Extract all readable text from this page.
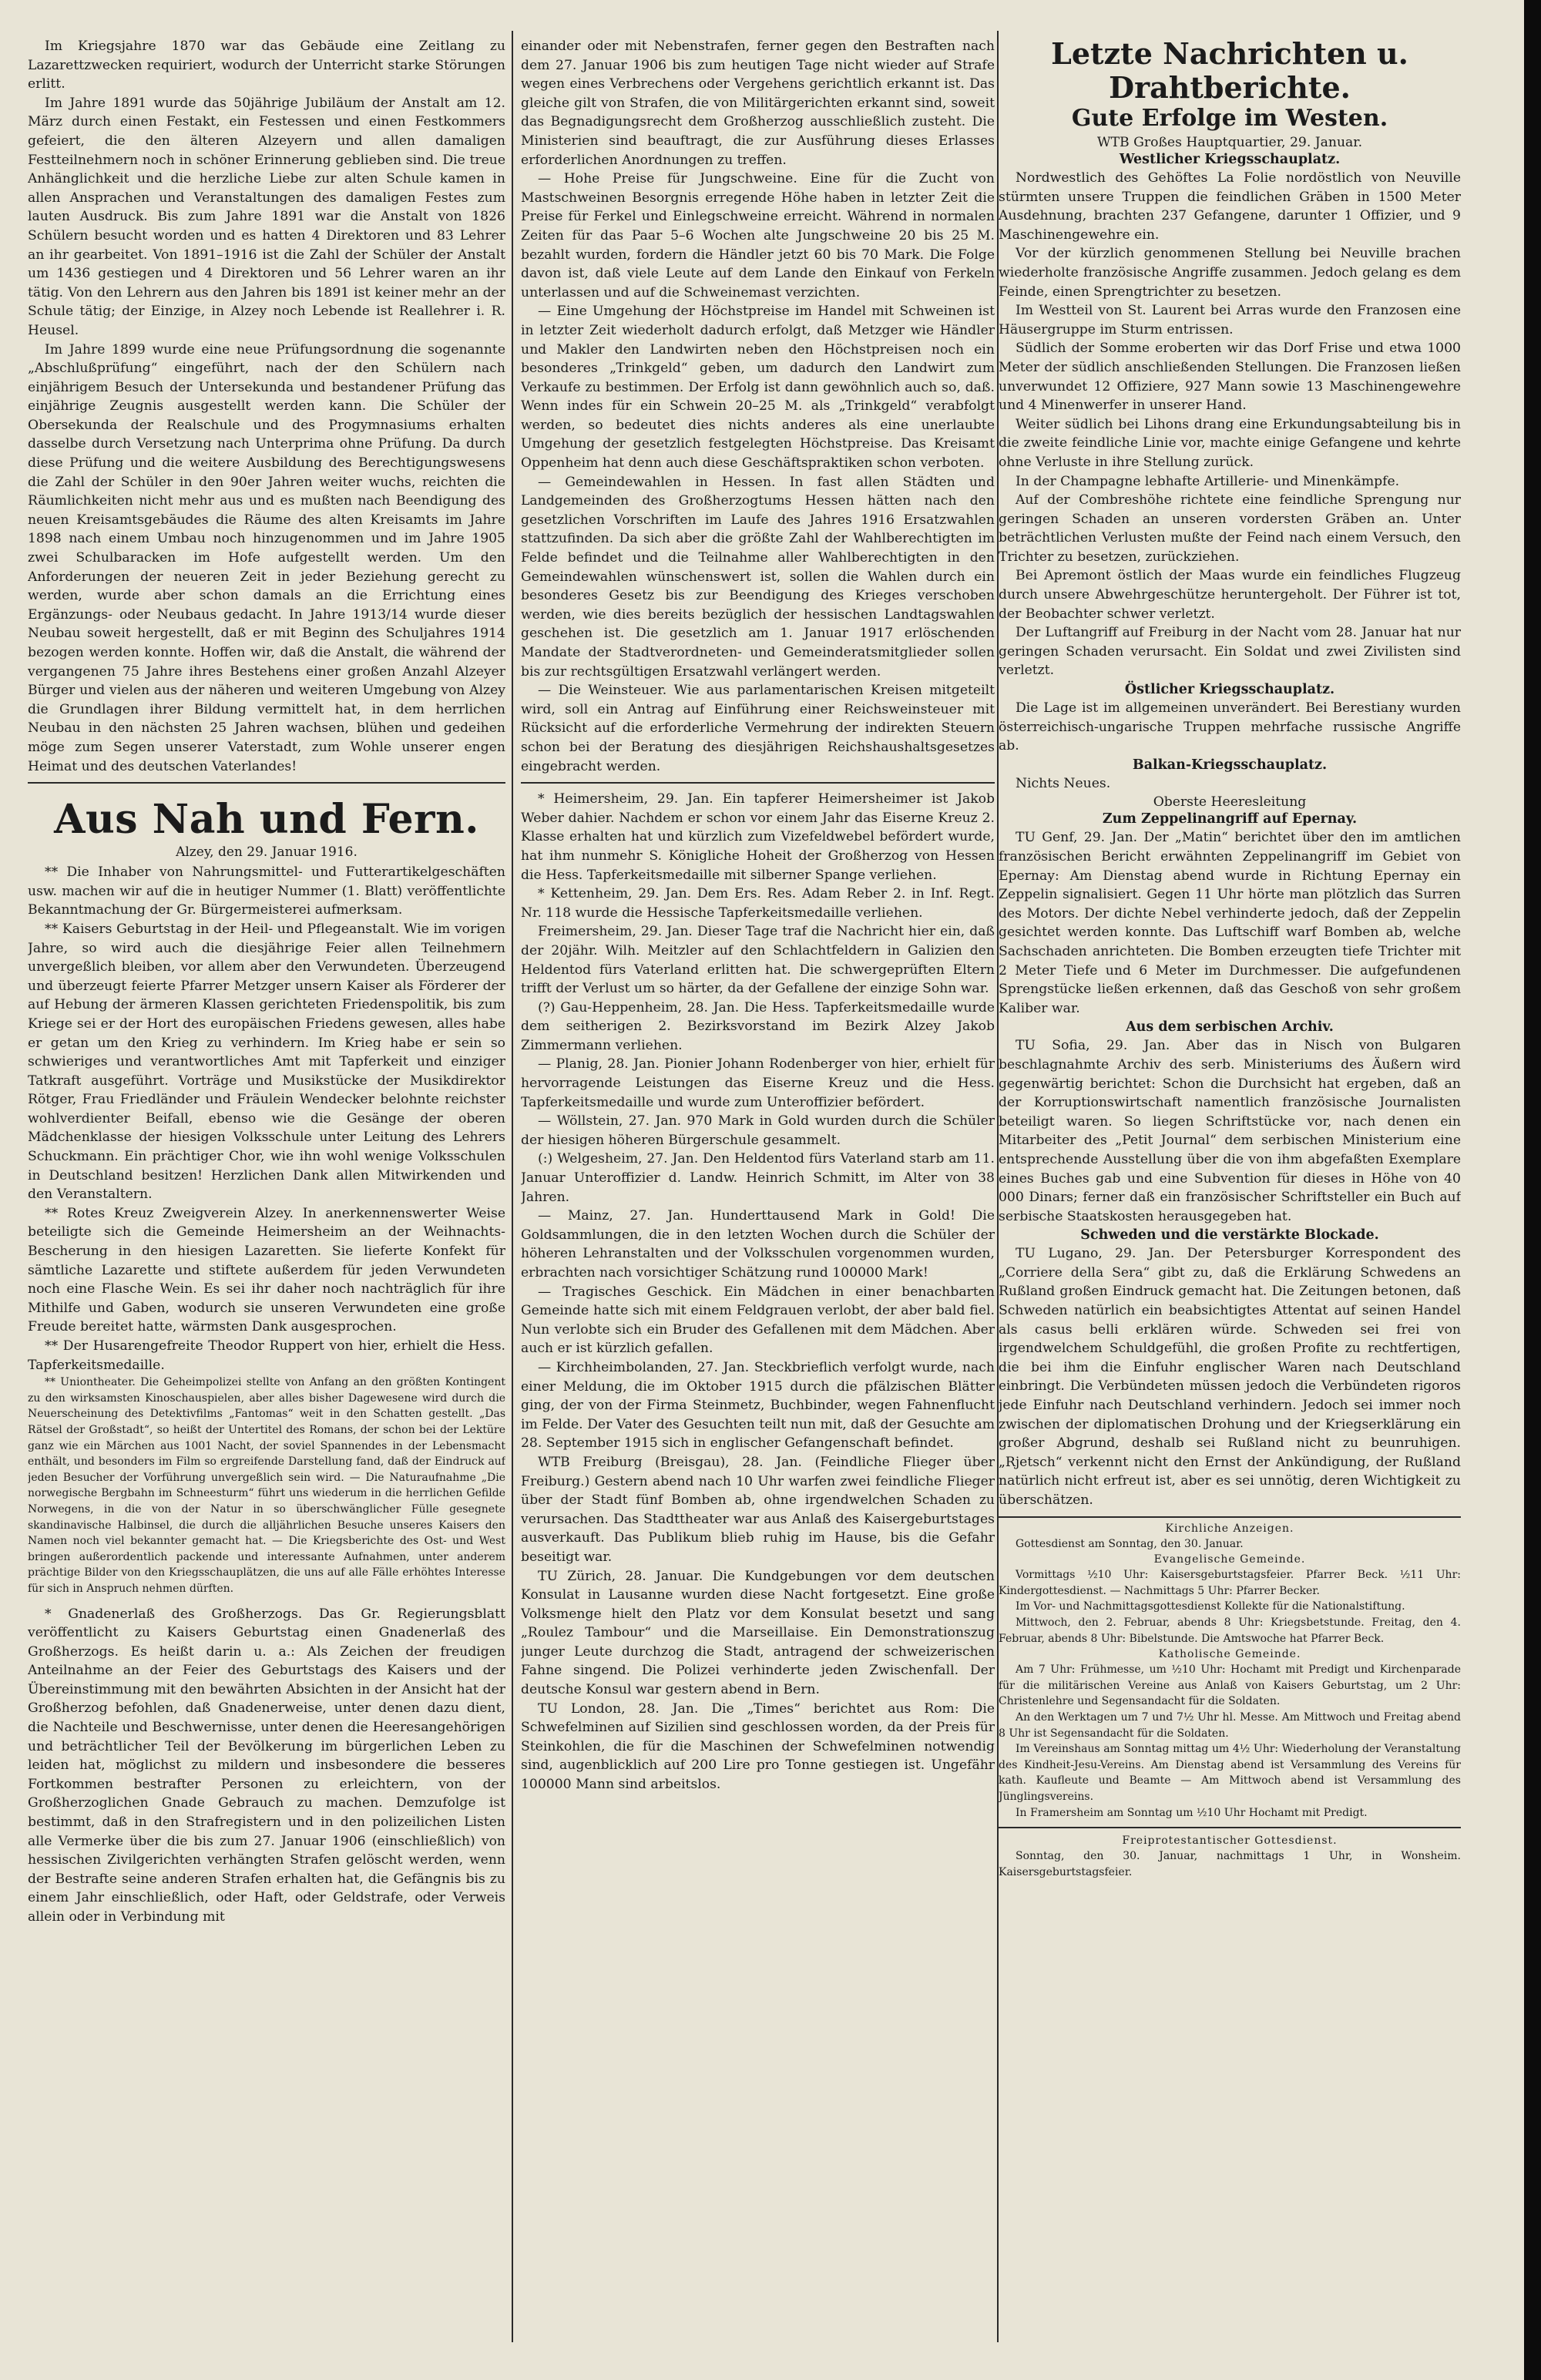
Im Kriegsjahre 1870 war das Gebäude eine Zeitlang zu Lazarettzwecken requiriert, wodurch der Unterricht starke Störungen erlitt.

Im Jahre 1891 wurde das 50jährige Jubiläum der Anstalt am 12. März durch einen Festakt, ein Festessen und einen Festkommers gefeiert, die den älteren Alzeyern und allen damaligen Festteilnehmern noch in schöner Erinnerung geblieben sind. Die treue Anhänglichkeit und die herzliche Liebe zur alten Schule kamen in allen Ansprachen und Veranstaltungen des damaligen Festes zum lauten Ausdruck. Bis zum Jahre 1891 war die Anstalt von 1826 Schülern besucht worden und es hatten 4 Direktoren und 83 Lehrer an ihr gearbeitet. Von 1891–1916 ist die Zahl der Schüler der Anstalt um 1436 gestiegen und 4 Direktoren und 56 Lehrer waren an ihr tätig. Von den Lehrern aus den Jahren bis 1891 ist keiner mehr an der Schule tätig; der Einzige, in Alzey noch Lebende ist Reallehrer i. R. Heusel.

Im Jahre 1899 wurde eine neue Prüfungsordnung die sogenannte „Abschlußprüfung“ eingeführt, nach der den Schülern nach einjährigem Besuch der Untersekunda und bestandener Prüfung das einjährige Zeugnis ausgestellt werden kann. Die Schüler der Obersekunda der Realschule und des Progymnasiums erhalten dasselbe durch Versetzung nach Unterprima ohne Prüfung. Da durch diese Prüfung und die weitere Ausbildung des Berechtigungswesens die Zahl der Schüler in den 90er Jahren weiter wuchs, reichten die Räumlichkeiten nicht mehr aus und es mußten nach Beendigung des neuen Kreisamtsgebäudes die Räume des alten Kreisamts im Jahre 1898 nach einem Umbau noch hinzugenommen und im Jahre 1905 zwei Schulbaracken im Hofe aufgestellt werden. Um den Anforderungen der neueren Zeit in jeder Beziehung gerecht zu werden, wurde aber schon damals an die Errichtung eines Ergänzungs- oder Neubaus gedacht. In Jahre 1913/14 wurde dieser Neubau soweit hergestellt, daß er mit Beginn des Schuljahres 1914 bezogen werden konnte. Hoffen wir, daß die Anstalt, die während der vergangenen 75 Jahre ihres Bestehens einer großen Anzahl Alzeyer Bürger und vielen aus der näheren und weiteren Umgebung von Alzey die Grundlagen ihrer Bildung vermittelt hat, in dem herrlichen Neubau in den nächsten 25 Jahren wachsen, blühen und gedeihen möge zum Segen unserer Vaterstadt, zum Wohle unserer engen Heimat und des deutschen Vaterlandes!

Aus Nah und Fern.
Alzey, den 29. Januar 1916.

** Die Inhaber von Nahrungsmittel- und Futterartikelgeschäften usw. machen wir auf die in heutiger Nummer (1. Blatt) veröffentlichte Bekanntmachung der Gr. Bürgermeisterei aufmerksam.

** Kaisers Geburtstag in der Heil- und Pflegeanstalt. Wie im vorigen Jahre, so wird auch die diesjährige Feier allen Teilnehmern unvergeßlich bleiben, vor allem aber den Verwundeten. Überzeugend und überzeugt feierte Pfarrer Metzger unsern Kaiser als Förderer der auf Hebung der ärmeren Klassen gerichteten Friedenspolitik, bis zum Kriege sei er der Hort des europäischen Friedens gewesen, alles habe er getan um den Krieg zu verhindern. Im Krieg habe er sein so schwieriges und verantwortliches Amt mit Tapferkeit und einziger Tatkraft ausgeführt. Vorträge und Musikstücke der Musikdirektor Rötger, Frau Friedländer und Fräulein Wendecker belohnte reichster wohlverdienter Beifall, ebenso wie die Gesänge der oberen Mädchenklasse der hiesigen Volksschule unter Leitung des Lehrers Schuckmann. Ein prächtiger Chor, wie ihn wohl wenige Volksschulen in Deutschland besitzen! Herzlichen Dank allen Mitwirkenden und den Veranstaltern.

** Rotes Kreuz Zweigverein Alzey. In anerkennenswerter Weise beteiligte sich die Gemeinde Heimersheim an der Weihnachts-Bescherung in den hiesigen Lazaretten. Sie lieferte Konfekt für sämtliche Lazarette und stiftete außerdem für jeden Verwundeten noch eine Flasche Wein. Es sei ihr daher noch nachträglich für ihre Mithilfe und Gaben, wodurch sie unseren Verwundeten eine große Freude bereitet hatte, wärmsten Dank ausgesprochen.

** Der Husarengefreite Theodor Ruppert von hier, erhielt die Hess. Tapferkeitsmedaille.

** Uniontheater. Die Geheimpolizei stellte von Anfang an den größten Kontingent zu den wirksamsten Kinoschauspielen, aber alles bisher Dagewesene wird durch die Neuerscheinung des Detektivfilms „Fantomas“ weit in den Schatten gestellt. „Das Rätsel der Großstadt“, so heißt der Untertitel des Romans, der schon bei der Lektüre ganz wie ein Märchen aus 1001 Nacht, der soviel Spannendes in der Lebensmacht enthält, und besonders im Film so ergreifende Darstellung fand, daß der Eindruck auf jeden Besucher der Vorführung unvergeßlich sein wird. — Die Naturaufnahme „Die norwegische Bergbahn im Schneesturm“ führt uns wiederum in die herrlichen Gefilde Norwegens, in die von der Natur in so überschwänglicher Fülle gesegnete skandinavische Halbinsel, die durch die alljährlichen Besuche unseres Kaisers den Namen noch viel bekannter gemacht hat. — Die Kriegsberichte des Ost- und West bringen außerordentlich packende und interessante Aufnahmen, unter anderem prächtige Bilder von den Kriegsschauplätzen, die uns auf alle Fälle erhöhtes Interesse für sich in Anspruch nehmen dürften.

* Gnadenerlaß des Großherzogs. Das Gr. Regierungsblatt veröffentlicht zu Kaisers Geburtstag einen Gnadenerlaß des Großherzogs. Es heißt darin u. a.: Als Zeichen der freudigen Anteilnahme an der Feier des Geburtstags des Kaisers und der Übereinstimmung mit den bewährten Absichten in der Ansicht hat der Großherzog befohlen, daß Gnadenerweise, unter denen dazu dient, die Nachteile und Beschwernisse, unter denen die Heeresangehörigen und beträchtlicher Teil der Bevölkerung im bürgerlichen Leben zu leiden hat, möglichst zu mildern und insbesondere die besseres Fortkommen bestrafter Personen zu erleichtern, von der Großherzoglichen Gnade Gebrauch zu machen. Demzufolge ist bestimmt, daß in den Strafregistern und in den polizeilichen Listen alle Vermerke über die bis zum 27. Januar 1906 (einschließlich) von hessischen Zivilgerichten verhängten Strafen gelöscht werden, wenn der Bestrafte seine anderen Strafen erhalten hat, die Gefängnis bis zu einem Jahr einschließlich, oder Haft, oder Geldstrafe, oder Verweis allein oder in Verbindung mit

einander oder mit Nebenstrafen, ferner gegen den Bestraften nach dem 27. Januar 1906 bis zum heutigen Tage nicht wieder auf Strafe wegen eines Verbrechens oder Vergehens gerichtlich erkannt ist. Das gleiche gilt von Strafen, die von Militärgerichten erkannt sind, soweit das Begnadigungsrecht dem Großherzog ausschließlich zusteht. Die Ministerien sind beauftragt, die zur Ausführung dieses Erlasses erforderlichen Anordnungen zu treffen.

— Hohe Preise für Jungschweine. Eine für die Zucht von Mastschweinen Besorgnis erregende Höhe haben in letzter Zeit die Preise für Ferkel und Einlegschweine erreicht. Während in normalen Zeiten für das Paar 5–6 Wochen alte Jungschweine 20 bis 25 M. bezahlt wurden, fordern die Händler jetzt 60 bis 70 Mark. Die Folge davon ist, daß viele Leute auf dem Lande den Einkauf von Ferkeln unterlassen und auf die Schweinemast verzichten.

— Eine Umgehung der Höchstpreise im Handel mit Schweinen ist in letzter Zeit wiederholt dadurch erfolgt, daß Metzger wie Händler und Makler den Landwirten neben den Höchstpreisen noch ein besonderes „Trinkgeld“ geben, um dadurch den Landwirt zum Verkaufe zu bestimmen. Der Erfolg ist dann gewöhnlich auch so, daß. Wenn indes für ein Schwein 20–25 M. als „Trinkgeld“ verabfolgt werden, so bedeutet dies nichts anderes als eine unerlaubte Umgehung der gesetzlich festgelegten Höchstpreise. Das Kreisamt Oppenheim hat denn auch diese Geschäftspraktiken schon verboten.

— Gemeindewahlen in Hessen. In fast allen Städten und Landgemeinden des Großherzogtums Hessen hätten nach den gesetzlichen Vorschriften im Laufe des Jahres 1916 Ersatzwahlen stattzufinden. Da sich aber die größte Zahl der Wahlberechtigten im Felde befindet und die Teilnahme aller Wahlberechtigten in den Gemeindewahlen wünschenswert ist, sollen die Wahlen durch ein besonderes Gesetz bis zur Beendigung des Krieges verschoben werden, wie dies bereits bezüglich der hessischen Landtagswahlen geschehen ist. Die gesetzlich am 1. Januar 1917 erlöschenden Mandate der Stadtverordneten- und Gemeinderatsmitglieder sollen bis zur rechtsgültigen Ersatzwahl verlängert werden.

— Die Weinsteuer. Wie aus parlamentarischen Kreisen mitgeteilt wird, soll ein Antrag auf Einführung einer Reichsweinsteuer mit Rücksicht auf die erforderliche Vermehrung der indirekten Steuern schon bei der Beratung des diesjährigen Reichshaushaltsgesetzes eingebracht werden.

* Heimersheim, 29. Jan. Ein tapferer Heimersheimer ist Jakob Weber dahier. Nachdem er schon vor einem Jahr das Eiserne Kreuz 2. Klasse erhalten hat und kürzlich zum Vizefeldwebel befördert wurde, hat ihm nunmehr S. Königliche Hoheit der Großherzog von Hessen die Hess. Tapferkeitsmedaille mit silberner Spange verliehen.

* Kettenheim, 29. Jan. Dem Ers. Res. Adam Reber 2. in Inf. Regt. Nr. 118 wurde die Hessische Tapferkeitsmedaille verliehen.

Freimersheim, 29. Jan. Dieser Tage traf die Nachricht hier ein, daß der 20jähr. Wilh. Meitzler auf den Schlachtfeldern in Galizien den Heldentod fürs Vaterland erlitten hat. Die schwergeprüften Eltern trifft der Verlust um so härter, da der Gefallene der einzige Sohn war.

(?) Gau-Heppenheim, 28. Jan. Die Hess. Tapferkeitsmedaille wurde dem seitherigen 2. Bezirksvorstand im Bezirk Alzey Jakob Zimmermann verliehen.

— Planig, 28. Jan. Pionier Johann Rodenberger von hier, erhielt für hervorragende Leistungen das Eiserne Kreuz und die Hess. Tapferkeitsmedaille und wurde zum Unteroffizier befördert.

— Wöllstein, 27. Jan. 970 Mark in Gold wurden durch die Schüler der hiesigen höheren Bürgerschule gesammelt.

(:) Welgesheim, 27. Jan. Den Heldentod fürs Vaterland starb am 11. Januar Unteroffizier d. Landw. Heinrich Schmitt, im Alter von 38 Jahren.

— Mainz, 27. Jan. Hunderttausend Mark in Gold! Die Goldsammlungen, die in den letzten Wochen durch die Schüler der höheren Lehranstalten und der Volksschulen vorgenommen wurden, erbrachten nach vorsichtiger Schätzung rund 100000 Mark!

— Tragisches Geschick. Ein Mädchen in einer benachbarten Gemeinde hatte sich mit einem Feldgrauen verlobt, der aber bald fiel. Nun verlobte sich ein Bruder des Gefallenen mit dem Mädchen. Aber auch er ist kürzlich gefallen.

— Kirchheimbolanden, 27. Jan. Steckbrieflich verfolgt wurde, nach einer Meldung, die im Oktober 1915 durch die pfälzischen Blätter ging, der von der Firma Steinmetz, Buchbinder, wegen Fahnenflucht im Felde. Der Vater des Gesuchten teilt nun mit, daß der Gesuchte am 28. September 1915 sich in englischer Gefangenschaft befindet.

WTB Freiburg (Breisgau), 28. Jan. (Feindliche Flieger über Freiburg.) Gestern abend nach 10 Uhr warfen zwei feindliche Flieger über der Stadt fünf Bomben ab, ohne irgendwelchen Schaden zu verursachen. Das Stadttheater war aus Anlaß des Kaisergeburtstages ausverkauft. Das Publikum blieb ruhig im Hause, bis die Gefahr beseitigt war.

TU Zürich, 28. Januar. Die Kundgebungen vor dem deutschen Konsulat in Lausanne wurden diese Nacht fortgesetzt. Eine große Volksmenge hielt den Platz vor dem Konsulat besetzt und sang „Roulez Tambour“ und die Marseillaise. Ein Demonstrationszug junger Leute durchzog die Stadt, antragend der schweizerischen Fahne singend. Die Polizei verhinderte jeden Zwischenfall. Der deutsche Konsul war gestern abend in Bern.

TU London, 28. Jan. Die „Times“ berichtet aus Rom: Die Schwefelminen auf Sizilien sind geschlossen worden, da der Preis für Steinkohlen, die für die Maschinen der Schwefelminen notwendig sind, augenblicklich auf 200 Lire pro Tonne gestiegen ist. Ungefähr 100000 Mann sind arbeitslos.

Letzte Nachrichten u. Drahtberichte.
Gute Erfolge im Westen.
WTB Großes Hauptquartier, 29. Januar.
Westlicher Kriegsschauplatz.

Nordwestlich des Gehöftes La Folie nordöstlich von Neuville stürmten unsere Truppen die feindlichen Gräben in 1500 Meter Ausdehnung, brachten 237 Gefangene, darunter 1 Offizier, und 9 Maschinengewehre ein.

Vor der kürzlich genommenen Stellung bei Neuville brachen wiederholte französische Angriffe zusammen. Jedoch gelang es dem Feinde, einen Sprengtrichter zu besetzen.

Im Westteil von St. Laurent bei Arras wurde den Franzosen eine Häusergruppe im Sturm entrissen.

Südlich der Somme eroberten wir das Dorf Frise und etwa 1000 Meter der südlich anschließenden Stellungen. Die Franzosen ließen unverwundet 12 Offiziere, 927 Mann sowie 13 Maschinengewehre und 4 Minenwerfer in unserer Hand.

Weiter südlich bei Lihons drang eine Erkundungsabteilung bis in die zweite feindliche Linie vor, machte einige Gefangene und kehrte ohne Verluste in ihre Stellung zurück.

In der Champagne lebhafte Artillerie- und Minenkämpfe.

Auf der Combreshöhe richtete eine feindliche Sprengung nur geringen Schaden an unseren vordersten Gräben an. Unter beträchtlichen Verlusten mußte der Feind nach einem Versuch, den Trichter zu besetzen, zurückziehen.

Bei Apremont östlich der Maas wurde ein feindliches Flugzeug durch unsere Abwehrgeschütze heruntergeholt. Der Führer ist tot, der Beobachter schwer verletzt.

Der Luftangriff auf Freiburg in der Nacht vom 28. Januar hat nur geringen Schaden verursacht. Ein Soldat und zwei Zivilisten sind verletzt.

Östlicher Kriegsschauplatz.

Die Lage ist im allgemeinen unverändert. Bei Berestiany wurden österreichisch-ungarische Truppen mehrfache russische Angriffe ab.

Balkan-Kriegsschauplatz.

Nichts Neues.

Oberste Heeresleitung
Zum Zeppelinangriff auf Epernay.

TU Genf, 29. Jan. Der „Matin“ berichtet über den im amtlichen französischen Bericht erwähnten Zeppelinangriff im Gebiet von Epernay: Am Dienstag abend wurde in Richtung Epernay ein Zeppelin signalisiert. Gegen 11 Uhr hörte man plötzlich das Surren des Motors. Der dichte Nebel verhinderte jedoch, daß der Zeppelin gesichtet werden konnte. Das Luftschiff warf Bomben ab, welche Sachschaden anrichteten. Die Bomben erzeugten tiefe Trichter mit 2 Meter Tiefe und 6 Meter im Durchmesser. Die aufgefundenen Sprengstücke ließen erkennen, daß das Geschoß von sehr großem Kaliber war.

Aus dem serbischen Archiv.

TU Sofia, 29. Jan. Aber das in Nisch von Bulgaren beschlagnahmte Archiv des serb. Ministeriums des Äußern wird gegenwärtig berichtet: Schon die Durchsicht hat ergeben, daß an der Korruptionswirtschaft namentlich französische Journalisten beteiligt waren. So liegen Schriftstücke vor, nach denen ein Mitarbeiter des „Petit Journal“ dem serbischen Ministerium eine entsprechende Ausstellung über die von ihm abgefaßten Exemplare eines Buches gab und eine Subvention für dieses in Höhe von 40 000 Dinars; ferner daß ein französischer Schriftsteller ein Buch auf serbische Staatskosten herausgegeben hat.

Schweden und die verstärkte Blockade.

TU Lugano, 29. Jan. Der Petersburger Korrespondent des „Corriere della Sera“ gibt zu, daß die Erklärung Schwedens an Rußland großen Eindruck gemacht hat. Die Zeitungen betonen, daß Schweden natürlich ein beabsichtigtes Attentat auf seinen Handel als casus belli erklären würde. Schweden sei frei von irgendwelchem Schuldgefühl, die großen Profite zu rechtfertigen, die bei ihm die Einfuhr englischer Waren nach Deutschland einbringt. Die Verbündeten müssen jedoch die Verbündeten rigoros jede Einfuhr nach Deutschland verhindern. Jedoch sei immer noch zwischen der diplomatischen Drohung und der Kriegserklärung ein großer Abgrund, deshalb sei Rußland nicht zu beunruhigen. „Rjetsch“ verkennt nicht den Ernst der Ankündigung, der Rußland natürlich nicht erfreut ist, aber es sei unnötig, deren Wichtigkeit zu überschätzen.

Kirchliche Anzeigen.

Gottesdienst am Sonntag, den 30. Januar.

Evangelische Gemeinde.

Vormittags ½10 Uhr: Kaisersgeburtstagsfeier. Pfarrer Beck. ½11 Uhr: Kindergottesdienst. — Nachmittags 5 Uhr: Pfarrer Becker.

Im Vor- und Nachmittagsgottesdienst Kollekte für die Nationalstiftung.

Mittwoch, den 2. Februar, abends 8 Uhr: Kriegsbetstunde. Freitag, den 4. Februar, abends 8 Uhr: Bibelstunde. Die Amtswoche hat Pfarrer Beck.

Katholische Gemeinde.

Am 7 Uhr: Frühmesse, um ½10 Uhr: Hochamt mit Predigt und Kirchenparade für die militärischen Vereine aus Anlaß von Kaisers Geburtstag, um 2 Uhr: Christenlehre und Segensandacht für die Soldaten.

An den Werktagen um 7 und 7½ Uhr hl. Messe. Am Mittwoch und Freitag abend 8 Uhr ist Segensandacht für die Soldaten.

Im Vereinshaus am Sonntag mittag um 4½ Uhr: Wiederholung der Veranstaltung des Kindheit-Jesu-Vereins. Am Dienstag abend ist Versammlung des Vereins für kath. Kaufleute und Beamte — Am Mittwoch abend ist Versammlung des Jünglingsvereins.

In Framersheim am Sonntag um ½10 Uhr Hochamt mit Predigt.

Freiprotestantischer Gottesdienst.

Sonntag, den 30. Januar, nachmittags 1 Uhr, in Wonsheim. Kaisersgeburtstagsfeier.
